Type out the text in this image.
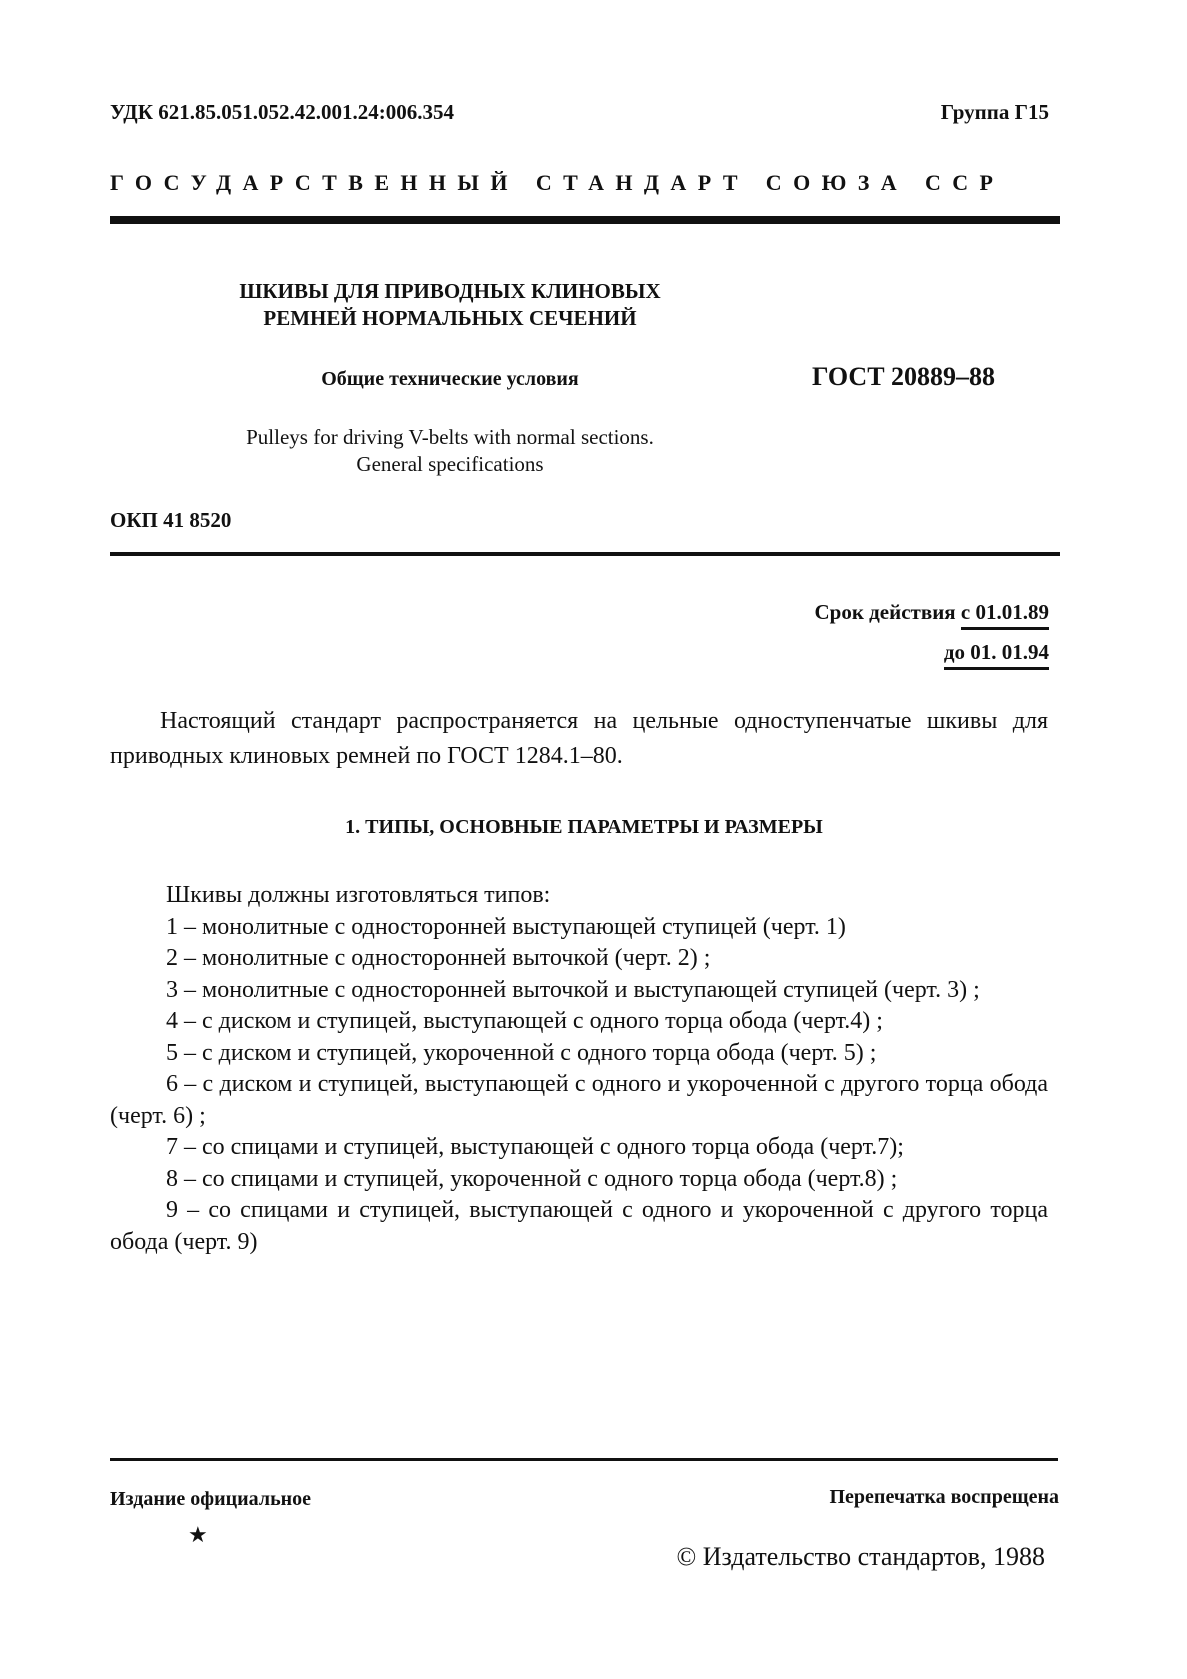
УДК 621.85.051.052.42.001.24:006.354	Группа Г15
ГОСУДАРСТВЕННЫЙ СТАНДАРТ СОЮЗА ССР
ШКИВЫ ДЛЯ ПРИВОДНЫХ КЛИНОВЫХ
РЕМНЕЙ НОРМАЛЬНЫХ СЕЧЕНИЙ
Общие технические условия	ГОСТ 20889–88
Pulleys for driving V-belts with normal sections.
General specifications
ОКП 41 8520
Срок действия с 01.01.89
до 01. 01.94
Настоящий стандарт распространяется на цельные одноступенчатые шкивы для приводных клиновых ремней по ГОСТ 1284.1–80.
1. ТИПЫ, ОСНОВНЫЕ ПАРАМЕТРЫ И РАЗМЕРЫ

Шкивы должны изготовляться типов:

1 – монолитные с односторонней выступающей ступицей (черт. 1)

2 – монолитные с односторонней выточкой (черт. 2) ;

3 – монолитные с односторонней выточкой и выступающей ступицей (черт. 3) ;

4 – с диском и ступицей, выступающей с одного торца обода (черт.4) ;

5 – с диском и ступицей, укороченной с одного торца обода (черт. 5) ;

6 – с диском и ступицей, выступающей с одного и укороченной с другого торца обода (черт. 6) ;

7 – со спицами и ступицей, выступающей с одного торца обода (черт.7);

8 – со спицами и ступицей, укороченной с одного торца обода (черт.8) ;

9 – со спицами и ступицей, выступающей с одного и укороченной с другого торца обода (черт. 9)

Издание официальное	Перепечатка воспрещена
★
© Издательство стандартов, 1988
